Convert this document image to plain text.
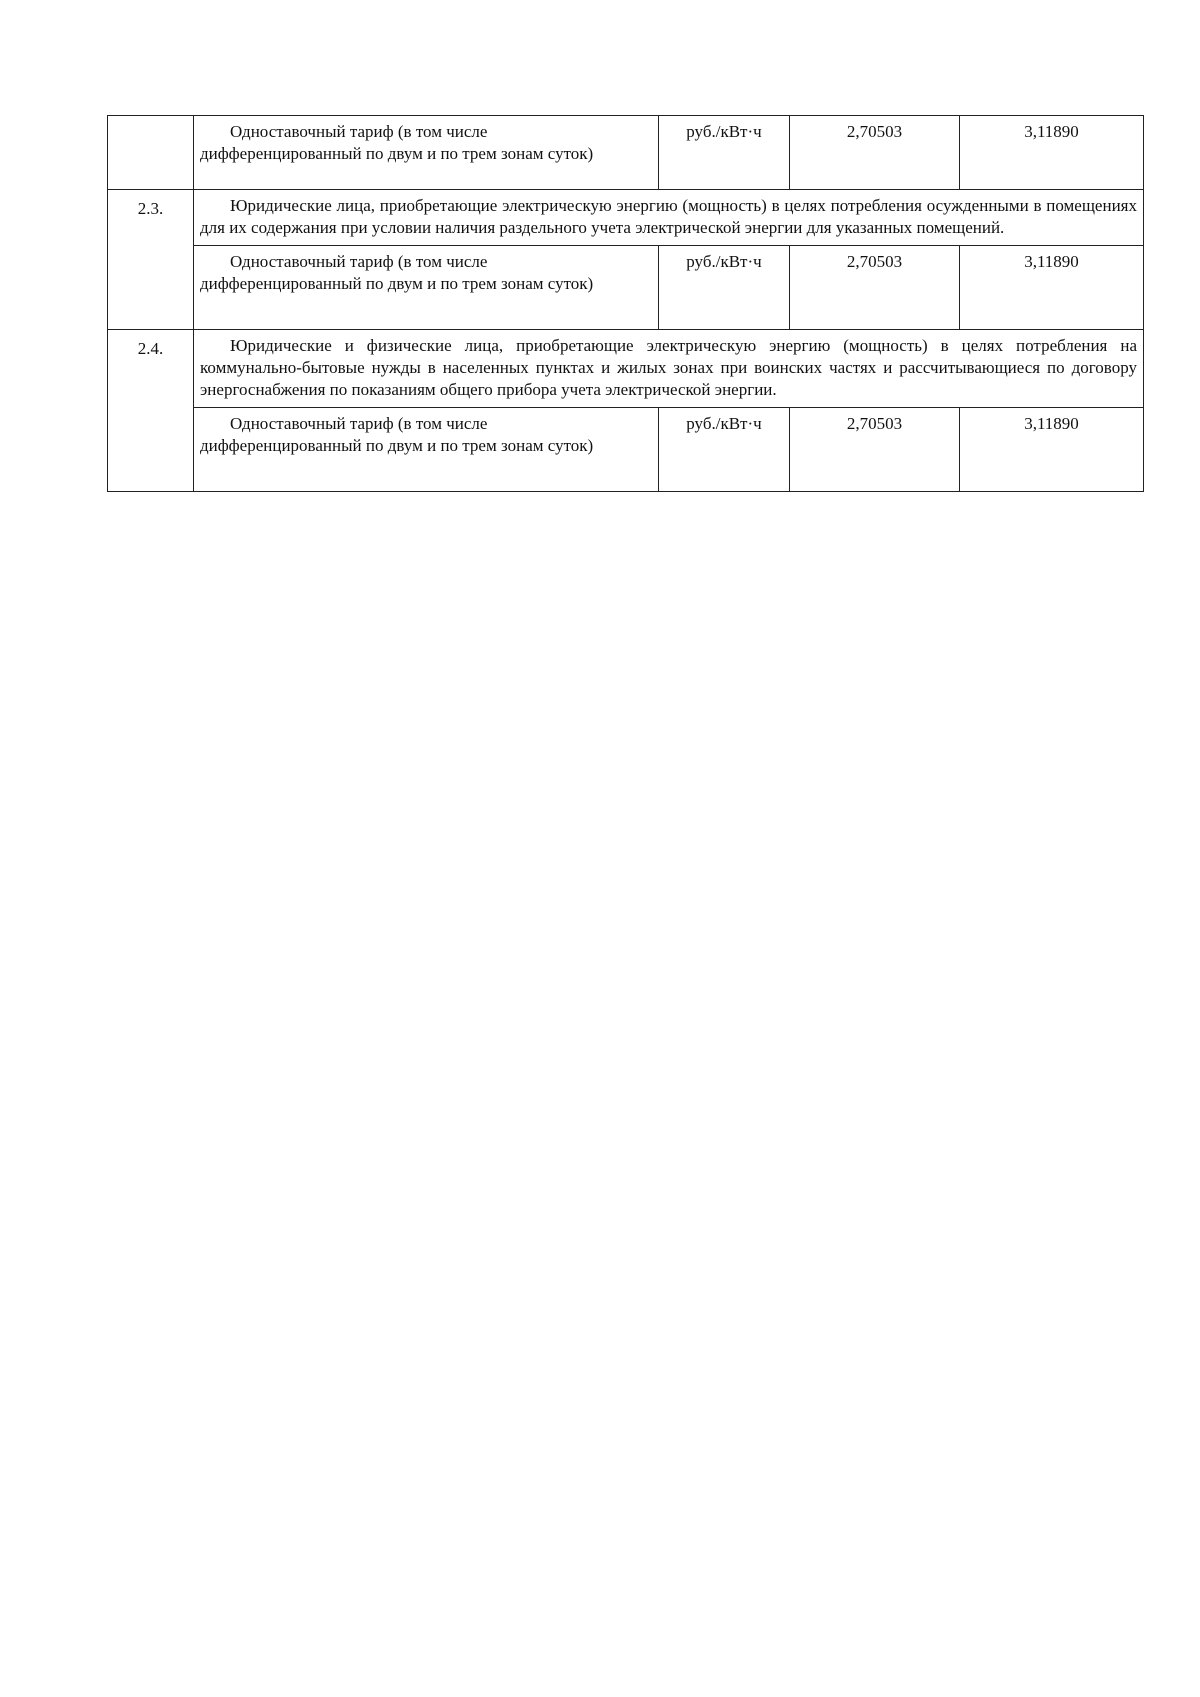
	Одноставочный тариф (в том числе дифференцированный по двум и по трем зонам суток)	руб./кВт·ч	2,70503	3,11890
2.3.	Юридические лица, приобретающие электрическую энергию (мощность) в целях потребления осужденными в помещениях для их содержания при условии наличия раздельного учета электрической энергии для указанных помещений.			

	Одноставочный тариф (в том числе дифференцированный по двум и по трем зонам суток)	руб./кВт·ч	2,70503	3,11890
2.4.	Юридические и физические лица, приобретающие электрическую энергию (мощность) в целях потребления на коммунально-бытовые нужды в населенных пунктах и жилых зонах при воинских частях и рассчитывающиеся по договору энергоснабжения по показаниям общего прибора учета электрической энергии.			

	Одноставочный тариф (в том числе дифференцированный по двум и по трем зонам суток)	руб./кВт·ч	2,70503	3,11890
